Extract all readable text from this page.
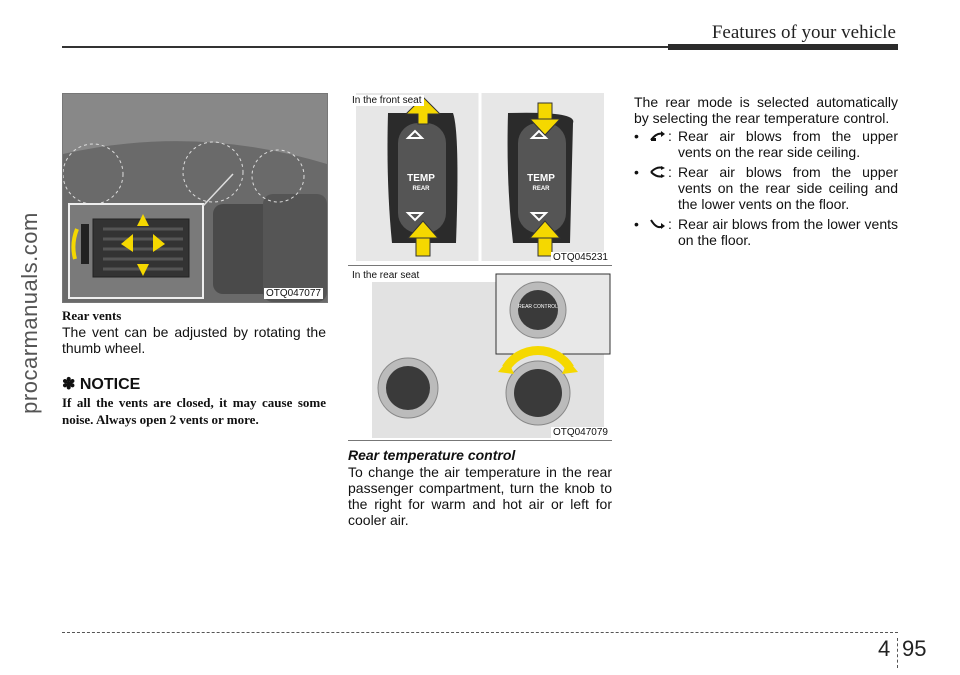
Features of your vehicle
procarmanuals.com	OTQ047077
Rear vents
The vent can be adjusted by rotating the thumb wheel.
✽ NOTICE
If all the vents are closed, it may cause some noise. Always open 2 vents or more.
TEMP
REAR
TEMP
REAR
In the front seat
OTQ045231
REAR CONTROL
In the rear seat
OTQ047079
Rear temperature control
To change the air temperature in the rear passenger compartment, turn the knob to the right for warm and hot air or left for cooler air.
The rear mode is selected automatically by selecting the rear temperature control.
•	: Rear air blows from the upper vents on the rear side ceiling.
•	: Rear air blows from the upper vents on the rear side ceiling and the lower vents on the floor.
•	: Rear air blows from the lower vents on the floor.
4 95
